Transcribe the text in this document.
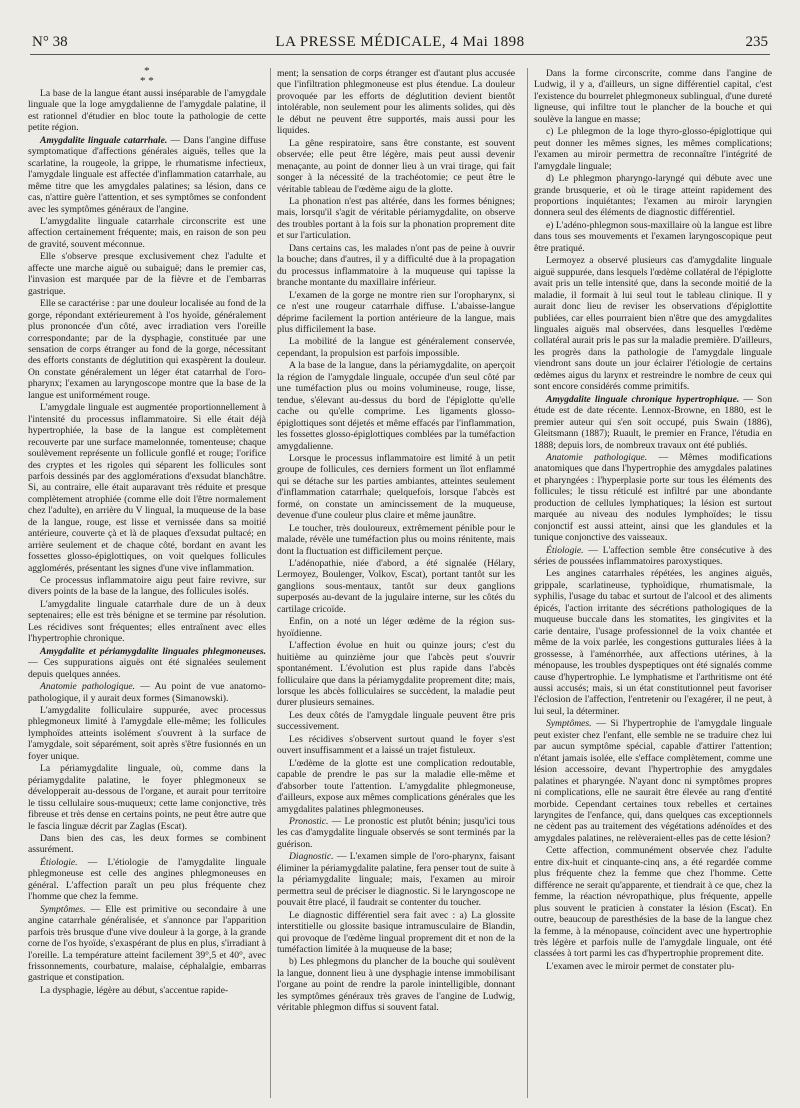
N° 38	LA PRESSE MÉDICALE, 4 Mai 1898	235
*
* *

La base de la langue étant aussi inséparable de l'amygdale linguale que la loge amygdalienne de l'amygdale palatine, il est rationnel d'étudier en bloc toute la pathologie de cette petite région.

Amygdalite linguale catarrhale. — Dans l'angine diffuse symptomatique d'affections générales aiguës, telles que la scarlatine, la rougeole, la grippe, le rhumatisme infectieux, l'amygdale linguale est affectée d'inflammation catarrhale, au même titre que les amygdales palatines; sa lésion, dans ce cas, n'attire guère l'attention, et ses symptômes se confondent avec les symptômes généraux de l'angine.

L'amygdalite linguale catarrhale circonscrite est une affection certainement fréquente; mais, en raison de son peu de gravité, souvent méconnue.

Elle s'observe presque exclusivement chez l'adulte et affecte une marche aiguë ou subaiguë; dans le premier cas, l'invasion est marquée par de la fièvre et de l'embarras gastrique.

Elle se caractérise : par une douleur localisée au fond de la gorge, répondant extérieurement à l'os hyoïde, généralement plus prononcée d'un côté, avec irradiation vers l'oreille correspondante; par de la dysphagie, constituée par une sensation de corps étranger au fond de la gorge, nécessitant des efforts constants de déglutition qui exaspèrent la douleur. On constate généralement un léger état catarrhal de l'oro-pharynx; l'examen au laryngoscope montre que la base de la langue est uniformément rouge.

L'amygdale linguale est augmentée proportionnellement à l'intensité du processus inflammatoire. Si elle était déjà hypertrophiée, la base de la langue est complètement recouverte par une surface mamelonnée, tomenteuse; chaque soulèvement représente un follicule gonflé et rouge; l'orifice des cryptes et les rigoles qui séparent les follicules sont parfois dessinés par des agglomérations d'exsudat blanchâtre. Si, au contraire, elle était auparavant très réduite et presque complètement atrophiée (comme elle doit l'être normalement chez l'adulte), en arrière du V lingual, la muqueuse de la base de la langue, rouge, est lisse et vernissée dans sa moitié antérieure, couverte çà et là de plaques d'exsudat pultacé; en arrière seulement et de chaque côté, bordant en avant les fossettes glosso-épiglottiques, on voit quelques follicules agglomérés, présentant les signes d'une vive inflammation.

Ce processus inflammatoire aigu peut faire revivre, sur divers points de la base de la langue, des follicules isolés.

L'amygdalite linguale catarrhale dure de un à deux septenaires; elle est très bénigne et se termine par résolution. Les récidives sont fréquentes; elles entraînent avec elles l'hypertrophie chronique.

Amygdalite et périamygdalite linguales phlegmoneuses. — Ces suppurations aiguës ont été signalées seulement depuis quelques années.

Anatomie pathologique. — Au point de vue anatomo-pathologique, il y aurait deux formes (Simanowski).

L'amygdalite folliculaire suppurée, avec processus phlegmoneux limité à l'amygdale elle-même; les follicules lymphoïdes atteints isolément s'ouvrent à la surface de l'amygdale, soit séparément, soit après s'être fusionnés en un foyer unique.

La périamygdalite linguale, où, comme dans la périamygdalite palatine, le foyer phlegmoneux se développerait au-dessous de l'organe, et aurait pour territoire le tissu cellulaire sous-muqueux; cette lame conjonctive, très fibreuse et très dense en certains points, ne peut être autre que le fascia linguæ décrit par Zaglas (Escat).

Dans bien des cas, les deux formes se combinent assurément.

Étiologie. — L'étiologie de l'amygdalite linguale phlegmoneuse est celle des angines phlegmoneuses en général. L'affection paraît un peu plus fréquente chez l'homme que chez la femme.

Symptômes. — Elle est primitive ou secondaire à une angine catarrhale généralisée, et s'annonce par l'apparition parfois très brusque d'une vive douleur à la gorge, à la grande corne de l'os hyoïde, s'exaspérant de plus en plus, s'irradiant à l'oreille. La température atteint facilement 39°,5 et 40°, avec frissonnements, courbature, malaise, céphalalgie, embarras gastrique et constipation.

La dysphagie, légère au début, s'accentue rapide-

ment; la sensation de corps étranger est d'autant plus accusée que l'infiltration phlegmoneuse est plus étendue. La douleur provoquée par les efforts de déglutition devient bientôt intolérable, non seulement pour les aliments solides, qui dès le début ne peuvent être supportés, mais aussi pour les liquides.

La gêne respiratoire, sans être constante, est souvent observée; elle peut être légère, mais peut aussi devenir menaçante, au point de donner lieu à un vrai tirage, qui fait songer à la nécessité de la trachéotomie; ce peut être le véritable tableau de l'œdème aigu de la glotte.

La phonation n'est pas altérée, dans les formes bénignes; mais, lorsqu'il s'agit de véritable périamygdalite, on observe des troubles portant à la fois sur la phonation proprement dite et sur l'articulation.

Dans certains cas, les malades n'ont pas de peine à ouvrir la bouche; dans d'autres, il y a difficulté due à la propagation du processus inflammatoire à la muqueuse qui tapisse la branche montante du maxillaire inférieur.

L'examen de la gorge ne montre rien sur l'oropharynx, si ce n'est une rougeur catarrhale diffuse. L'abaisse-langue déprime facilement la portion antérieure de la langue, mais plus difficilement la base.

La mobilité de la langue est généralement conservée, cependant, la propulsion est parfois impossible.

A la base de la langue, dans la périamygdalite, on aperçoit la région de l'amygdale linguale, occupée d'un seul côté par une tuméfaction plus ou moins volumineuse, rouge, lisse, tendue, s'élevant au-dessus du bord de l'épiglotte qu'elle cache ou qu'elle comprime. Les ligaments glosso-épiglottiques sont déjetés et même effacés par l'inflammation, les fossettes glosso-épiglottiques comblées par la tuméfaction amygdalienne.

Lorsque le processus inflammatoire est limité à un petit groupe de follicules, ces derniers forment un îlot enflammé qui se détache sur les parties ambiantes, atteintes seulement d'inflammation catarrhale; quelquefois, lorsque l'abcès est formé, on constate un amincissement de la muqueuse, devenue d'une couleur plus claire et même jaunâtre.

Le toucher, très douloureux, extrêmement pénible pour le malade, révèle une tuméfaction plus ou moins rénitente, mais dont la fluctuation est difficilement perçue.

L'adénopathie, niée d'abord, a été signalée (Hélary, Lermoyez, Boulenger, Volkov, Escat), portant tantôt sur les ganglions sous-mentaux, tantôt sur deux ganglions superposés au-devant de la jugulaire interne, sur les côtés du cartilage cricoïde.

Enfin, on a noté un léger œdème de la région sus-hyoïdienne.

L'affection évolue en huit ou quinze jours; c'est du huitième au quinzième jour que l'abcès peut s'ouvrir spontanément. L'évolution est plus rapide dans l'abcès folliculaire que dans la périamygdalite proprement dite; mais, lorsque les abcès folliculaires se succèdent, la maladie peut durer plusieurs semaines.

Les deux côtés de l'amygdale linguale peuvent être pris successivement.

Les récidives s'observent surtout quand le foyer s'est ouvert insuffisamment et a laissé un trajet fistuleux.

L'œdème de la glotte est une complication redoutable, capable de prendre le pas sur la maladie elle-même et d'absorber toute l'attention. L'amygdalite phlegmoneuse, d'ailleurs, expose aux mêmes complications générales que les amygdalites palatines phlegmoneuses.

Pronostic. — Le pronostic est plutôt bénin; jusqu'ici tous les cas d'amygdalite linguale observés se sont terminés par la guérison.

Diagnostic. — L'examen simple de l'oro-pharynx, faisant éliminer la périamygdalite palatine, fera penser tout de suite à la périamygdalite linguale; mais, l'examen au miroir permettra seul de préciser le diagnostic. Si le laryngoscope ne pouvait être placé, il faudrait se contenter du toucher.

Le diagnostic différentiel sera fait avec : a) La glossite interstitielle ou glossite basique intramusculaire de Blandin, qui provoque de l'œdème lingual proprement dit et non de la tuméfaction limitée à la muqueuse de la base;

b) Les phlegmons du plancher de la bouche qui soulèvent la langue, donnent lieu à une dysphagie intense immobilisant l'organe au point de rendre la parole inintelligible, donnant les symptômes généraux très graves de l'angine de Ludwig, véritable phlegmon diffus si souvent fatal.

Dans la forme circonscrite, comme dans l'angine de Ludwig, il y a, d'ailleurs, un signe différentiel capital, c'est l'existence du bourrelet phlegmoneux sublingual, d'une dureté ligneuse, qui infiltre tout le plancher de la bouche et qui soulève la langue en masse;

c) Le phlegmon de la loge thyro-glosso-épiglottique qui peut donner les mêmes signes, les mêmes complications; l'examen au miroir permettra de reconnaître l'intégrité de l'amygdale linguale;

d) Le phlegmon pharyngo-laryngé qui débute avec une grande brusquerie, et où le tirage atteint rapidement des proportions inquiétantes; l'examen au miroir laryngien donnera seul des éléments de diagnostic différentiel.

e) L'adéno-phlegmon sous-maxillaire où la langue est libre dans tous ses mouvements et l'examen laryngoscopique peut être pratiqué.

Lermoyez a observé plusieurs cas d'amygdalite linguale aiguë suppurée, dans lesquels l'œdème collatéral de l'épiglotte avait pris un telle intensité que, dans la seconde moitié de la maladie, il formait à lui seul tout le tableau clinique. Il y aurait donc lieu de reviser les observations d'épiglottite publiées, car elles pourraient bien n'être que des amygdalites linguales aiguës mal observées, dans lesquelles l'œdème collatéral aurait pris le pas sur la maladie première. D'ailleurs, les progrès dans la pathologie de l'amygdale linguale viendront sans doute un jour éclairer l'étiologie de certains œdèmes aigus du larynx et restreindre le nombre de ceux qui sont encore considérés comme primitifs.

Amygdalite linguale chronique hypertrophique. — Son étude est de date récente. Lennox-Browne, en 1880, est le premier auteur qui s'en soit occupé, puis Swain (1886), Gleitsmann (1887); Ruault, le premier en France, l'étudia en 1888; depuis lors, de nombreux travaux ont été publiés.

Anatomie pathologique. — Mêmes modifications anatomiques que dans l'hypertrophie des amygdales palatines et pharyngées : l'hyperplasie porte sur tous les éléments des follicules; le tissu réticulé est infiltré par une abondante production de cellules lymphatiques; la lésion est surtout marquée au niveau des nodules lymphoïdes; le tissu conjonctif est aussi atteint, ainsi que les glandules et la tunique conjonctive des vaisseaux.

Étiologie. — L'affection semble être consécutive à des séries de poussées inflammatoires paroxystiques.

Les angines catarrhales répétées, les angines aiguës, grippale, scarlatineuse, typhoïdique, rhumatismale, la syphilis, l'usage du tabac et surtout de l'alcool et des aliments épicés, l'action irritante des sécrétions pathologiques de la muqueuse buccale dans les stomatites, les gingivites et la carie dentaire, l'usage professionnel de la voix chantée et même de la voix parlée, les congestions gutturales liées à la grossesse, à l'aménorrhée, aux affections utérines, à la ménopause, les troubles dyspeptiques ont été signalés comme cause d'hypertrophie. Le lymphatisme et l'arthritisme ont été aussi accusés; mais, si un état constitutionnel peut favoriser l'éclosion de l'affection, l'entretenir ou l'exagérer, il ne peut, à lui seul, la déterminer.

Symptômes. — Si l'hypertrophie de l'amygdale linguale peut exister chez l'enfant, elle semble ne se traduire chez lui par aucun symptôme spécial, capable d'attirer l'attention; n'étant jamais isolée, elle s'efface complètement, comme une lésion accessoire, devant l'hypertrophie des amygdales palatines et pharyngée. N'ayant donc ni symptômes propres ni complications, elle ne saurait être élevée au rang d'entité morbide. Cependant certaines toux rebelles et certaines laryngites de l'enfance, qui, dans quelques cas exceptionnels ne cèdent pas au traitement des végétations adénoïdes et des amygdales palatines, ne relèveraient-elles pas de cette lésion?

Cette affection, communément observée chez l'adulte entre dix-huit et cinquante-cinq ans, a été regardée comme plus fréquente chez la femme que chez l'homme. Cette différence ne serait qu'apparente, et tiendrait à ce que, chez la femme, la réaction névropathique, plus fréquente, appelle plus souvent le praticien à constater la lésion (Escat). En outre, beaucoup de paresthésies de la base de la langue chez la femme, à la ménopause, coïncident avec une hypertrophie très légère et parfois nulle de l'amygdale linguale, ont été classées à tort parmi les cas d'hypertrophie proprement dite.

L'examen avec le miroir permet de constater plu-
